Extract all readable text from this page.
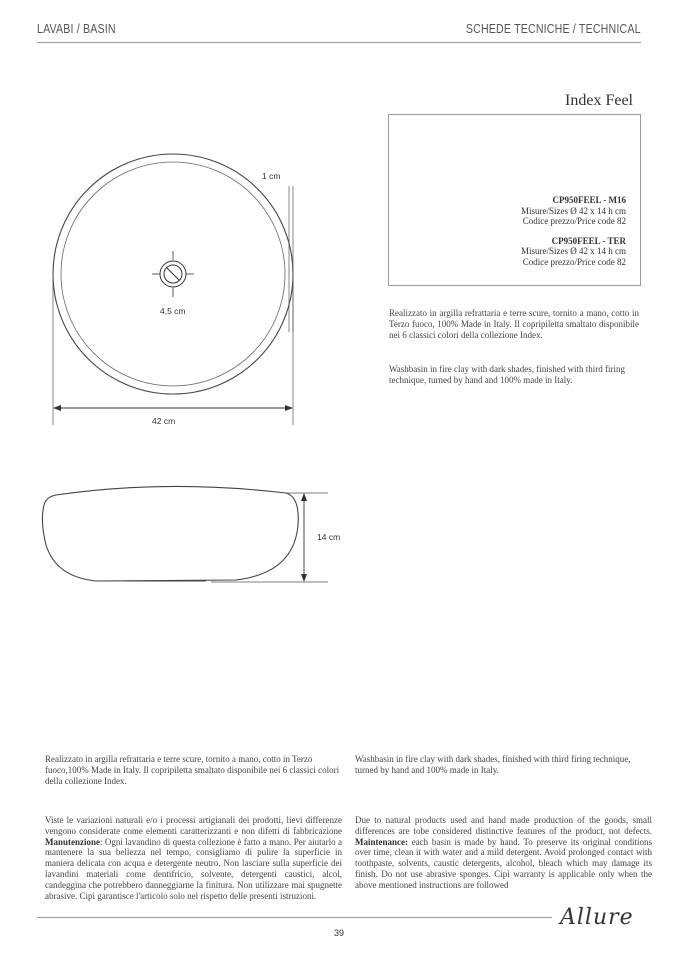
LAVABI / BASIN	SCHEDE TECNICHE / TECHNICAL
1 cm
4,5 cm
42 cm
14 cm
Index Feel
CP950FEEL - M16
Misure/Sizes Ø 42 x 14 h cm
Codice prezzo/Price code 82
CP950FEEL - TER
Misure/Sizes Ø 42 x 14 h cm
Codice prezzo/Price code 82
Realizzato in argilla refrattaria e terre scure, tornito a mano, cotto in Terzo fuoco, 100% Made in Italy. Il copripiletta smaltato disponibile nei 6 classici colori della collezione Index.
Washbasin in fire clay with dark shades, finished with third firing technique, turned by hand and 100% made in Italy.
Realizzato in argilla refrattaria e terre scure, tornito a mano, cotto in Terzo fuoco,100% Made in Italy. Il copripiletta smaltato disponibile nei 6 classici colori della collezione Index.
Washbasin in fire clay with dark shades, finished with third firing technique, turned by hand and 100% made in Italy.
Viste le variazioni naturali e/o i processi artigianali dei prodotti, lievi differenze vengono considerate come elementi caratterizzanti e non difetti di fabbricazione Manutenzione: Ogni lavandino di questa collezione è fatto a mano. Per aiutarlo a mantenere la sua bellezza nel tempo, consigliamo di pulire la superficie in maniera delicata con acqua e detergente neutro. Non lasciare sulla superficie dei lavandini materiali come dentifricio, solvente, detergenti caustici, alcol, candeggina che potrebbero danneggiarne la finitura. Non utilizzare mai spugnette abrasive. Cipì garantisce l'articolo solo nel rispetto delle presenti istruzioni.
Due to natural products used and hand made production of the goods, small differences are tobe considered distinctive features of the product, not defects. Maintenance: each basin is made by hand. To preserve its original conditions over time, clean it with water and a mild detergent. Avoid prolonged contact with toothpaste, solvents, caustic detergents, alcohol, bleach which may damage its finish. Do not use abrasive sponges. Cipì warranty is applicable only when the above mentioned instructions are followed
Allure
39
